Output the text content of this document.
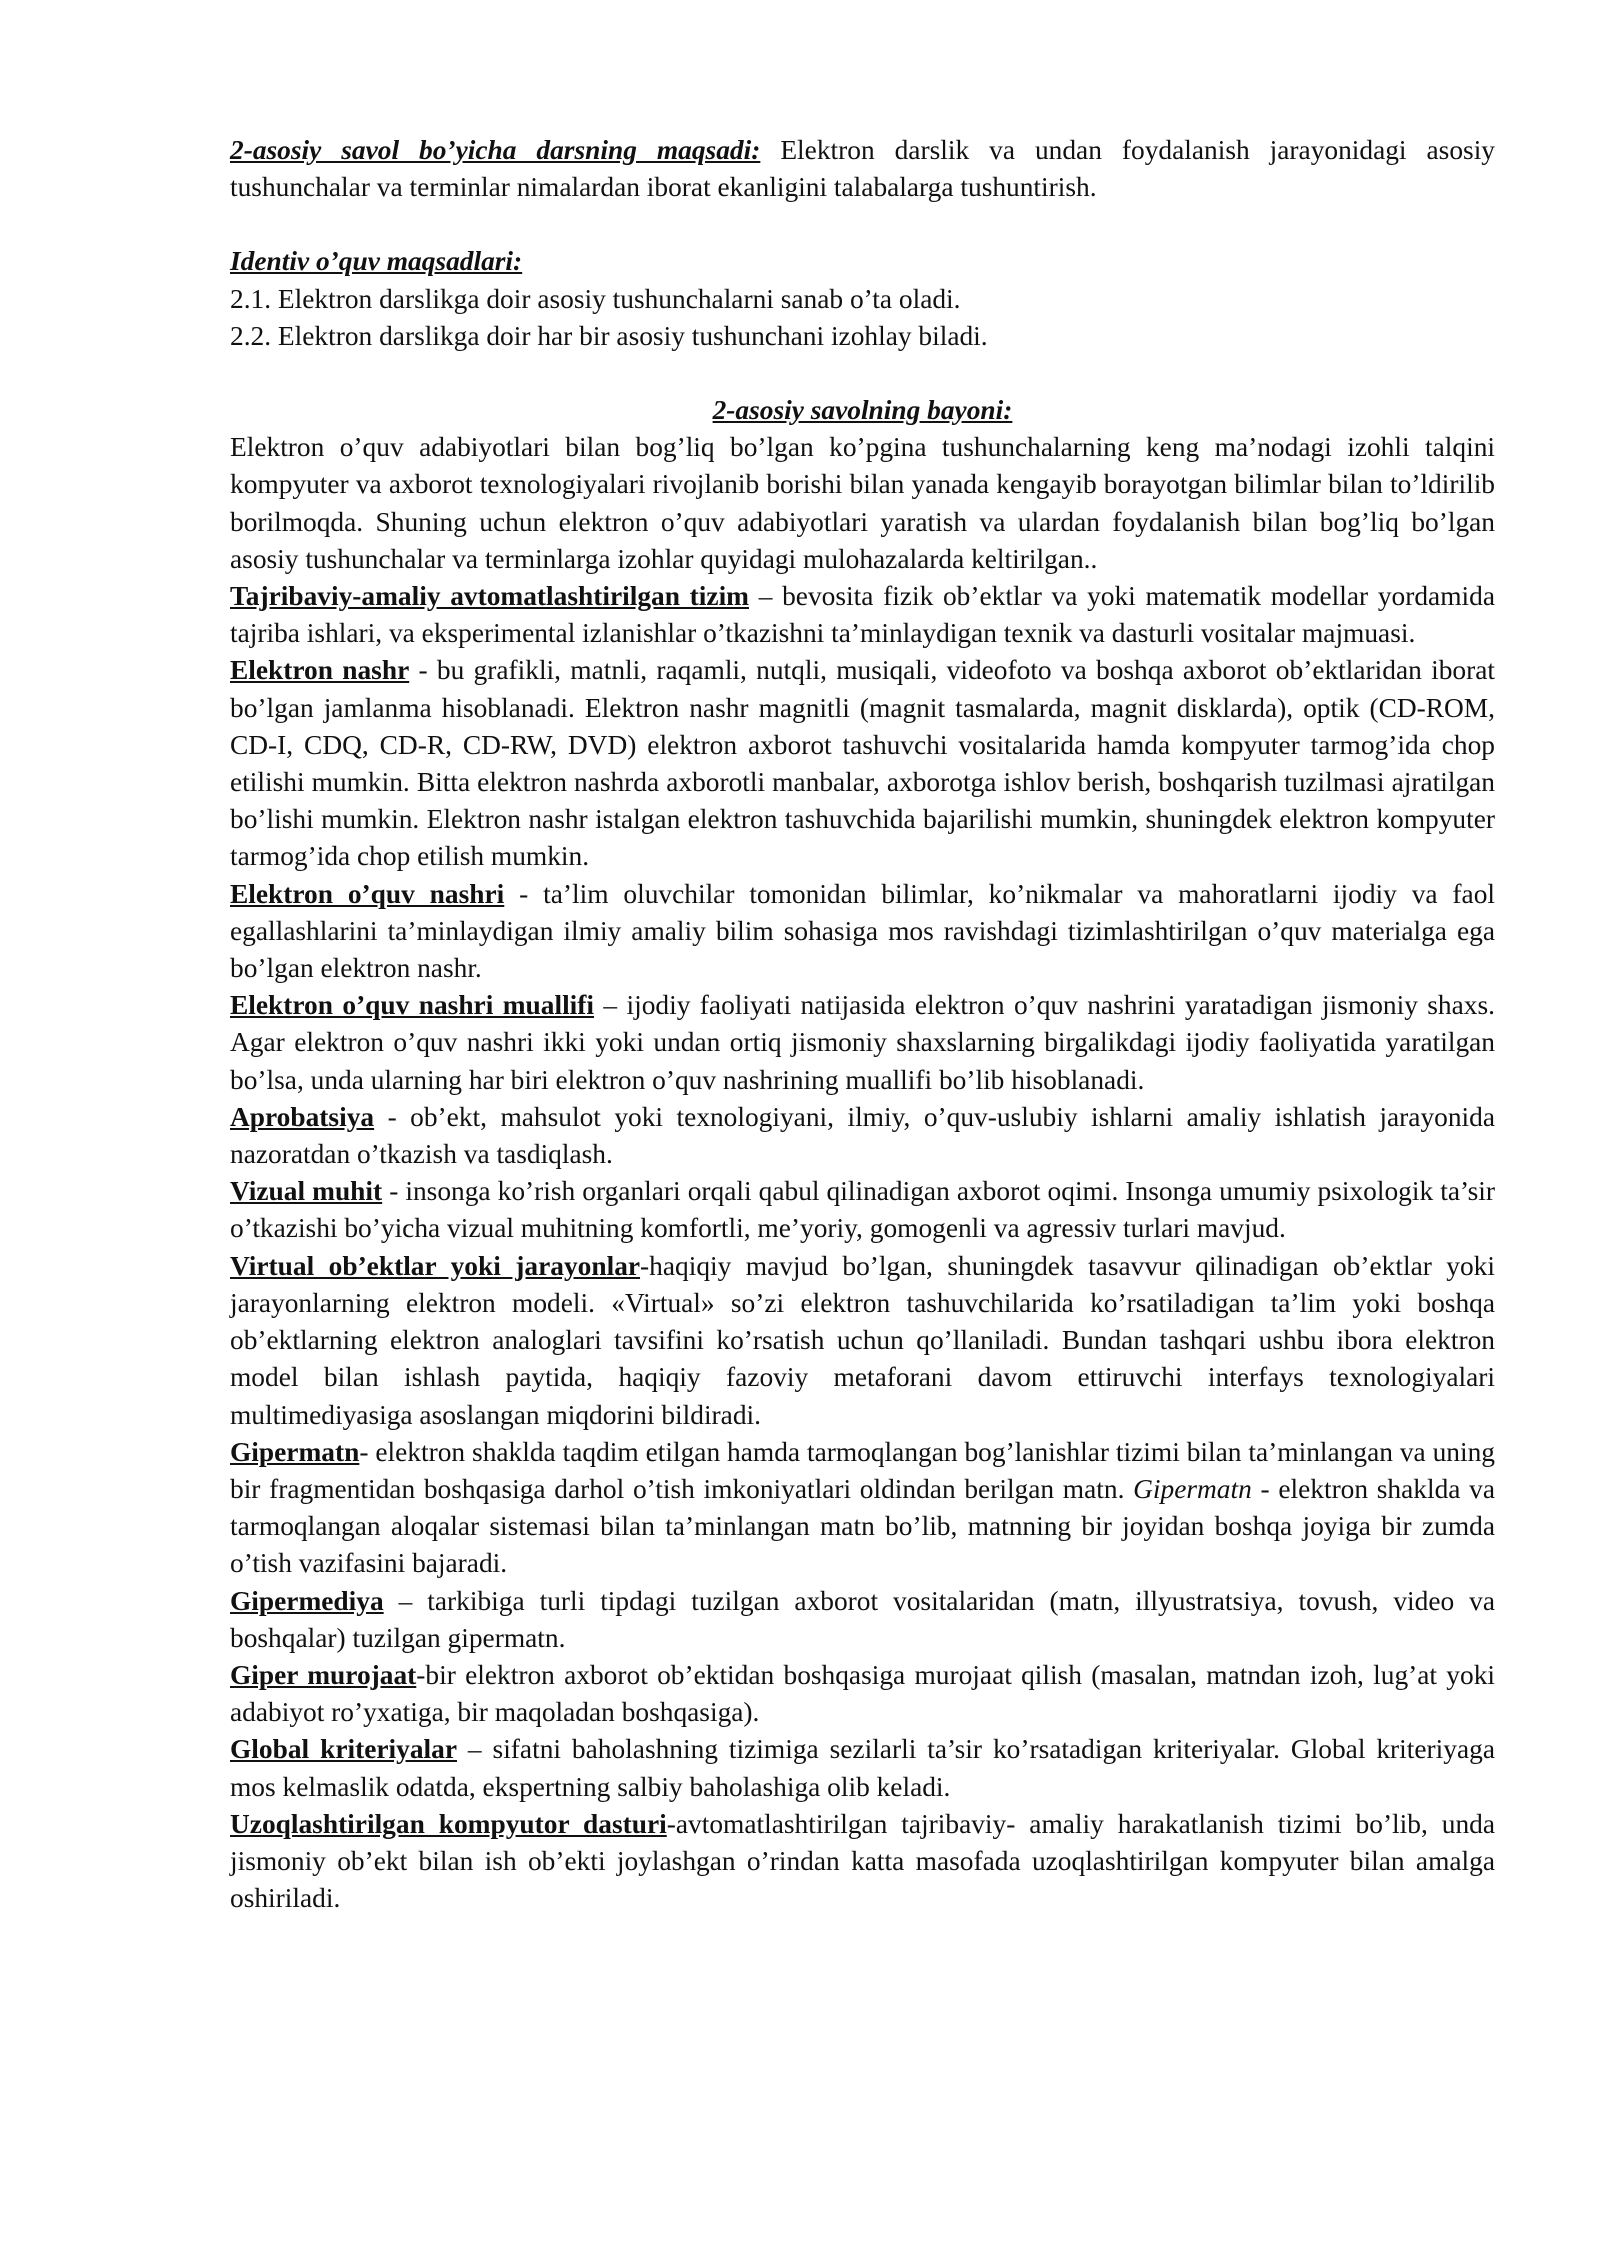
2-asosiy savol bo’yicha darsning maqsadi: Elektron darslik va undan foydalanish jarayonidagi asosiy tushunchalar va terminlar nimalardan iborat ekanligini talabalarga tushuntirish.

Identiv o’quv maqsadlari:

2.1. Elektron darslikga doir asosiy tushunchalarni sanab o’ta oladi.

2.2. Elektron darslikga doir har bir asosiy tushunchani izohlay biladi.

2-asosiy savolning bayoni:

Elektron o’quv adabiyotlari bilan bog’liq bo’lgan ko’pgina tushunchalarning keng ma’nodagi izohli talqini kompyuter va axborot texnologiyalari rivojlanib borishi bilan yanada kengayib borayotgan bilimlar bilan to’ldirilib borilmoqda. Shuning uchun elektron o’quv adabiyotlari yaratish va ulardan foydalanish bilan bog’liq bo’lgan asosiy tushunchalar va terminlarga izohlar quyidagi mulohazalarda keltirilgan..

Tajribaviy-amaliy avtomatlashtirilgan tizim – bevosita fizik ob’ektlar va yoki matematik modellar yordamida tajriba ishlari, va eksperimental izlanishlar o’tkazishni ta’minlaydigan texnik va dasturli vositalar majmuasi.

Elektron nashr - bu grafikli, matnli, raqamli, nutqli, musiqali, videofoto va boshqa axborot ob’ektlaridan iborat bo’lgan jamlanma hisoblanadi. Elektron nashr magnitli (magnit tasmalarda, magnit disklarda), optik (CD-ROM, CD-I, CDQ, CD-R, CD-RW, DVD) elektron axborot tashuvchi vositalarida hamda kompyuter tarmog’ida chop etilishi mumkin. Bitta elektron nashrda axborotli manbalar, axborotga ishlov berish, boshqarish tuzilmasi ajratilgan bo’lishi mumkin. Elektron nashr istalgan elektron tashuvchida bajarilishi mumkin, shuningdek elektron kompyuter tarmog’ida chop etilish mumkin.

Elektron o’quv nashri - ta’lim oluvchilar tomonidan bilimlar, ko’nikmalar va mahoratlarni ijodiy va faol egallashlarini ta’minlaydigan ilmiy amaliy bilim sohasiga mos ravishdagi tizimlashtirilgan o’quv materialga ega bo’lgan elektron nashr.

Elektron o’quv nashri muallifi – ijodiy faoliyati natijasida elektron o’quv nashrini yaratadigan jismoniy shaxs. Agar elektron o’quv nashri ikki yoki undan ortiq jismoniy shaxslarning birgalikdagi ijodiy faoliyatida yaratilgan bo’lsa, unda ularning har biri elektron o’quv nashrining muallifi bo’lib hisoblanadi.

Aprobatsiya - ob’ekt, mahsulot yoki texnologiyani, ilmiy, o’quv-uslubiy ishlarni amaliy ishlatish jarayonida nazoratdan o’tkazish va tasdiqlash.

Vizual muhit - insonga ko’rish organlari orqali qabul qilinadigan axborot oqimi. Insonga umumiy psixologik ta’sir o’tkazishi bo’yicha vizual muhitning komfortli, me’yoriy, gomogenli va agressiv turlari mavjud.

Virtual ob’ektlar yoki jarayonlar-haqiqiy mavjud bo’lgan, shuningdek tasavvur qilinadigan ob’ektlar yoki jarayonlarning elektron modeli. «Virtual» so’zi elektron tashuvchilarida ko’rsatiladigan ta’lim yoki boshqa ob’ektlarning elektron analoglari tavsifini ko’rsatish uchun qo’llaniladi. Bundan tashqari ushbu ibora elektron model bilan ishlash paytida, haqiqiy fazoviy metaforani davom ettiruvchi interfays texnologiyalari multimediyasiga asoslangan miqdorini bildiradi.

Gipermatn- elektron shaklda taqdim etilgan hamda tarmoqlangan bog’lanishlar tizimi bilan ta’minlangan va uning bir fragmentidan boshqasiga darhol o’tish imkoniyatlari oldindan berilgan matn. Gipermatn - elektron shaklda va tarmoqlangan aloqalar sistemasi bilan ta’minlangan matn bo’lib, matnning bir joyidan boshqa joyiga bir zumda o’tish vazifasini bajaradi.

Gipermediya – tarkibiga turli tipdagi tuzilgan axborot vositalaridan (matn, illyustratsiya, tovush, video va boshqalar) tuzilgan gipermatn.

Giper murojaat-bir elektron axborot ob’ektidan boshqasiga murojaat qilish (masalan, matndan izoh, lug’at yoki adabiyot ro’yxatiga, bir maqoladan boshqasiga).

Global kriteriyalar – sifatni baholashning tizimiga sezilarli ta’sir ko’rsatadigan kriteriyalar. Global kriteriyaga mos kelmaslik odatda, ekspertning salbiy baholashiga olib keladi.

Uzoqlashtirilgan kompyutor dasturi-avtomatlashtirilgan tajribaviy- amaliy harakatlanish tizimi bo’lib, unda jismoniy ob’ekt bilan ish ob’ekti joylashgan o’rindan katta masofada uzoqlashtirilgan kompyuter bilan amalga oshiriladi.
